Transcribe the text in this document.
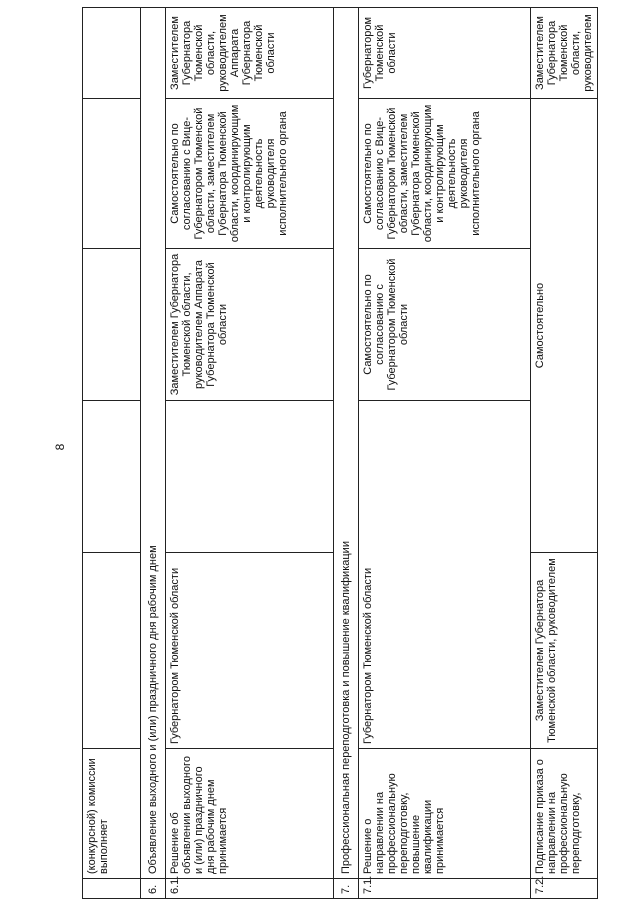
8
	(конкурсной) комиссии выполняет					
6.	Объявление выходного и (или) праздничного дня рабочим днем					
6.1.	Решение об объявлении выходного и (или) праздничного дня рабочим днем принимается	Губернатором Тюменской области		Заместителем Губернатора Тюменской области, руководителем Аппарата Губернатора Тюменской области	Самостоятельно по согласованию с Вице-Губернатором Тюменской области, заместителем Губернатора Тюменской области, координирующим и контролирующим деятельность руководителя исполнительного органа	Заместителем Губернатора Тюменской области, руководителем Аппарата Губернатора Тюменской области
7.	Профессиональная переподготовка и повышение квалификации					
7.1.	Решение о направлении на профессиональную переподготовку, повышение квалификации принимается	Губернатором Тюменской области		Самостоятельно по согласованию с Губернатором Тюменской области	Самостоятельно по согласованию с Вице-Губернатором Тюменской области, заместителем Губернатора Тюменской области, координирующим и контролирующим деятельность руководителя исполнительного органа	Губернатором Тюменской области
7.2.	Подписание приказа о направлении на профессиональную переподготовку,	Заместителем Губернатора Тюменской области, руководителем	Самостоятельно			Заместителем Губернатора Тюменской области, руководителем
